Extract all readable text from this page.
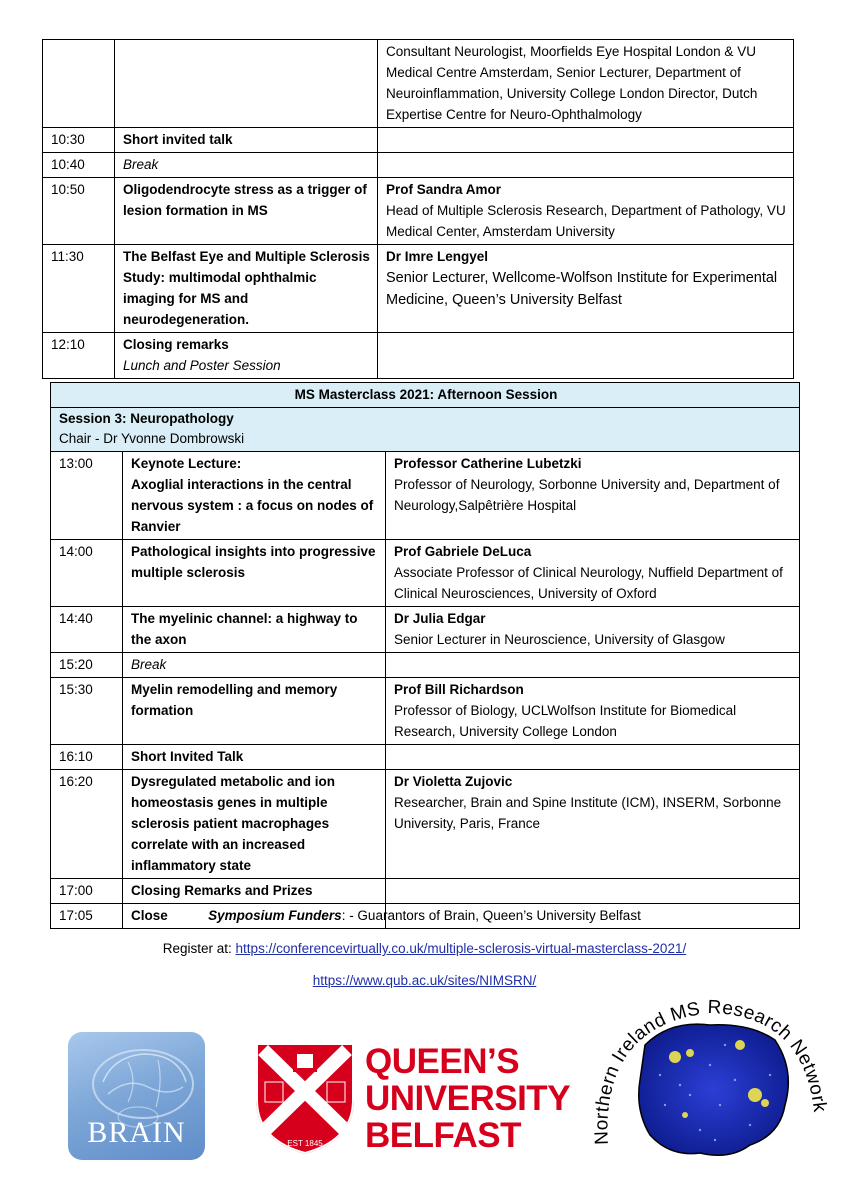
		Consultant Neurologist, Moorfields Eye Hospital London & VU Medical Centre Amsterdam, Senior Lecturer, Department of Neuroinflammation, University College London Director, Dutch Expertise Centre for Neuro-Ophthalmology

10:30	Short invited talk	

10:40	Break	

10:50	Oligodendrocyte stress as a trigger of lesion formation in MS	Prof Sandra Amor
Head of Multiple Sclerosis Research, Department of Pathology, VU Medical Center, Amsterdam University

11:30	The Belfast Eye and Multiple Sclerosis Study: multimodal ophthalmic imaging for MS and neurodegeneration.	Dr Imre Lengyel
Senior Lecturer, Wellcome-Wolfson Institute for Experimental Medicine, Queen’s University Belfast

12:10	Closing remarks
Lunch and Poster Session	

MS Masterclass 2021: Afternoon Session		

Session 3: Neuropathology
Chair - Dr Yvonne Dombrowski		

13:00	Keynote Lecture:
Axoglial interactions in the central nervous system : a focus on nodes of Ranvier	Professor Catherine Lubetzki
Professor of Neurology, Sorbonne University and, Department of Neurology,Salpêtrière Hospital

14:00	Pathological insights into progressive multiple sclerosis	Prof Gabriele DeLuca
Associate Professor of Clinical Neurology, Nuffield Department of Clinical Neurosciences, University of Oxford

14:40	The myelinic channel: a highway to the axon	Dr Julia Edgar
Senior Lecturer in Neuroscience, University of Glasgow

15:20	Break	

15:30	Myelin remodelling and memory formation	Prof Bill Richardson
Professor of Biology, UCLWolfson Institute for Biomedical Research, University College London

16:10	Short Invited Talk	

16:20	Dysregulated metabolic and ion homeostasis genes in multiple sclerosis patient macrophages correlate with an increased inflammatory state	Dr Violetta Zujovic
Researcher, Brain and Spine Institute (ICM), INSERM, Sorbonne University, Paris, France

17:00	Closing Remarks and Prizes	

17:05	Close	
		Symposium Funders: - Guarantors of Brain, Queen’s University Belfast

Register at: https://conferencevirtually.co.uk/multiple-sclerosis-virtual-masterclass-2021/

https://www.qub.ac.uk/sites/NIMSRN/

BRAIN	EST 1845
QUEEN’S
UNIVERSITY
BELFAST	Northern Ireland MS Research Network
